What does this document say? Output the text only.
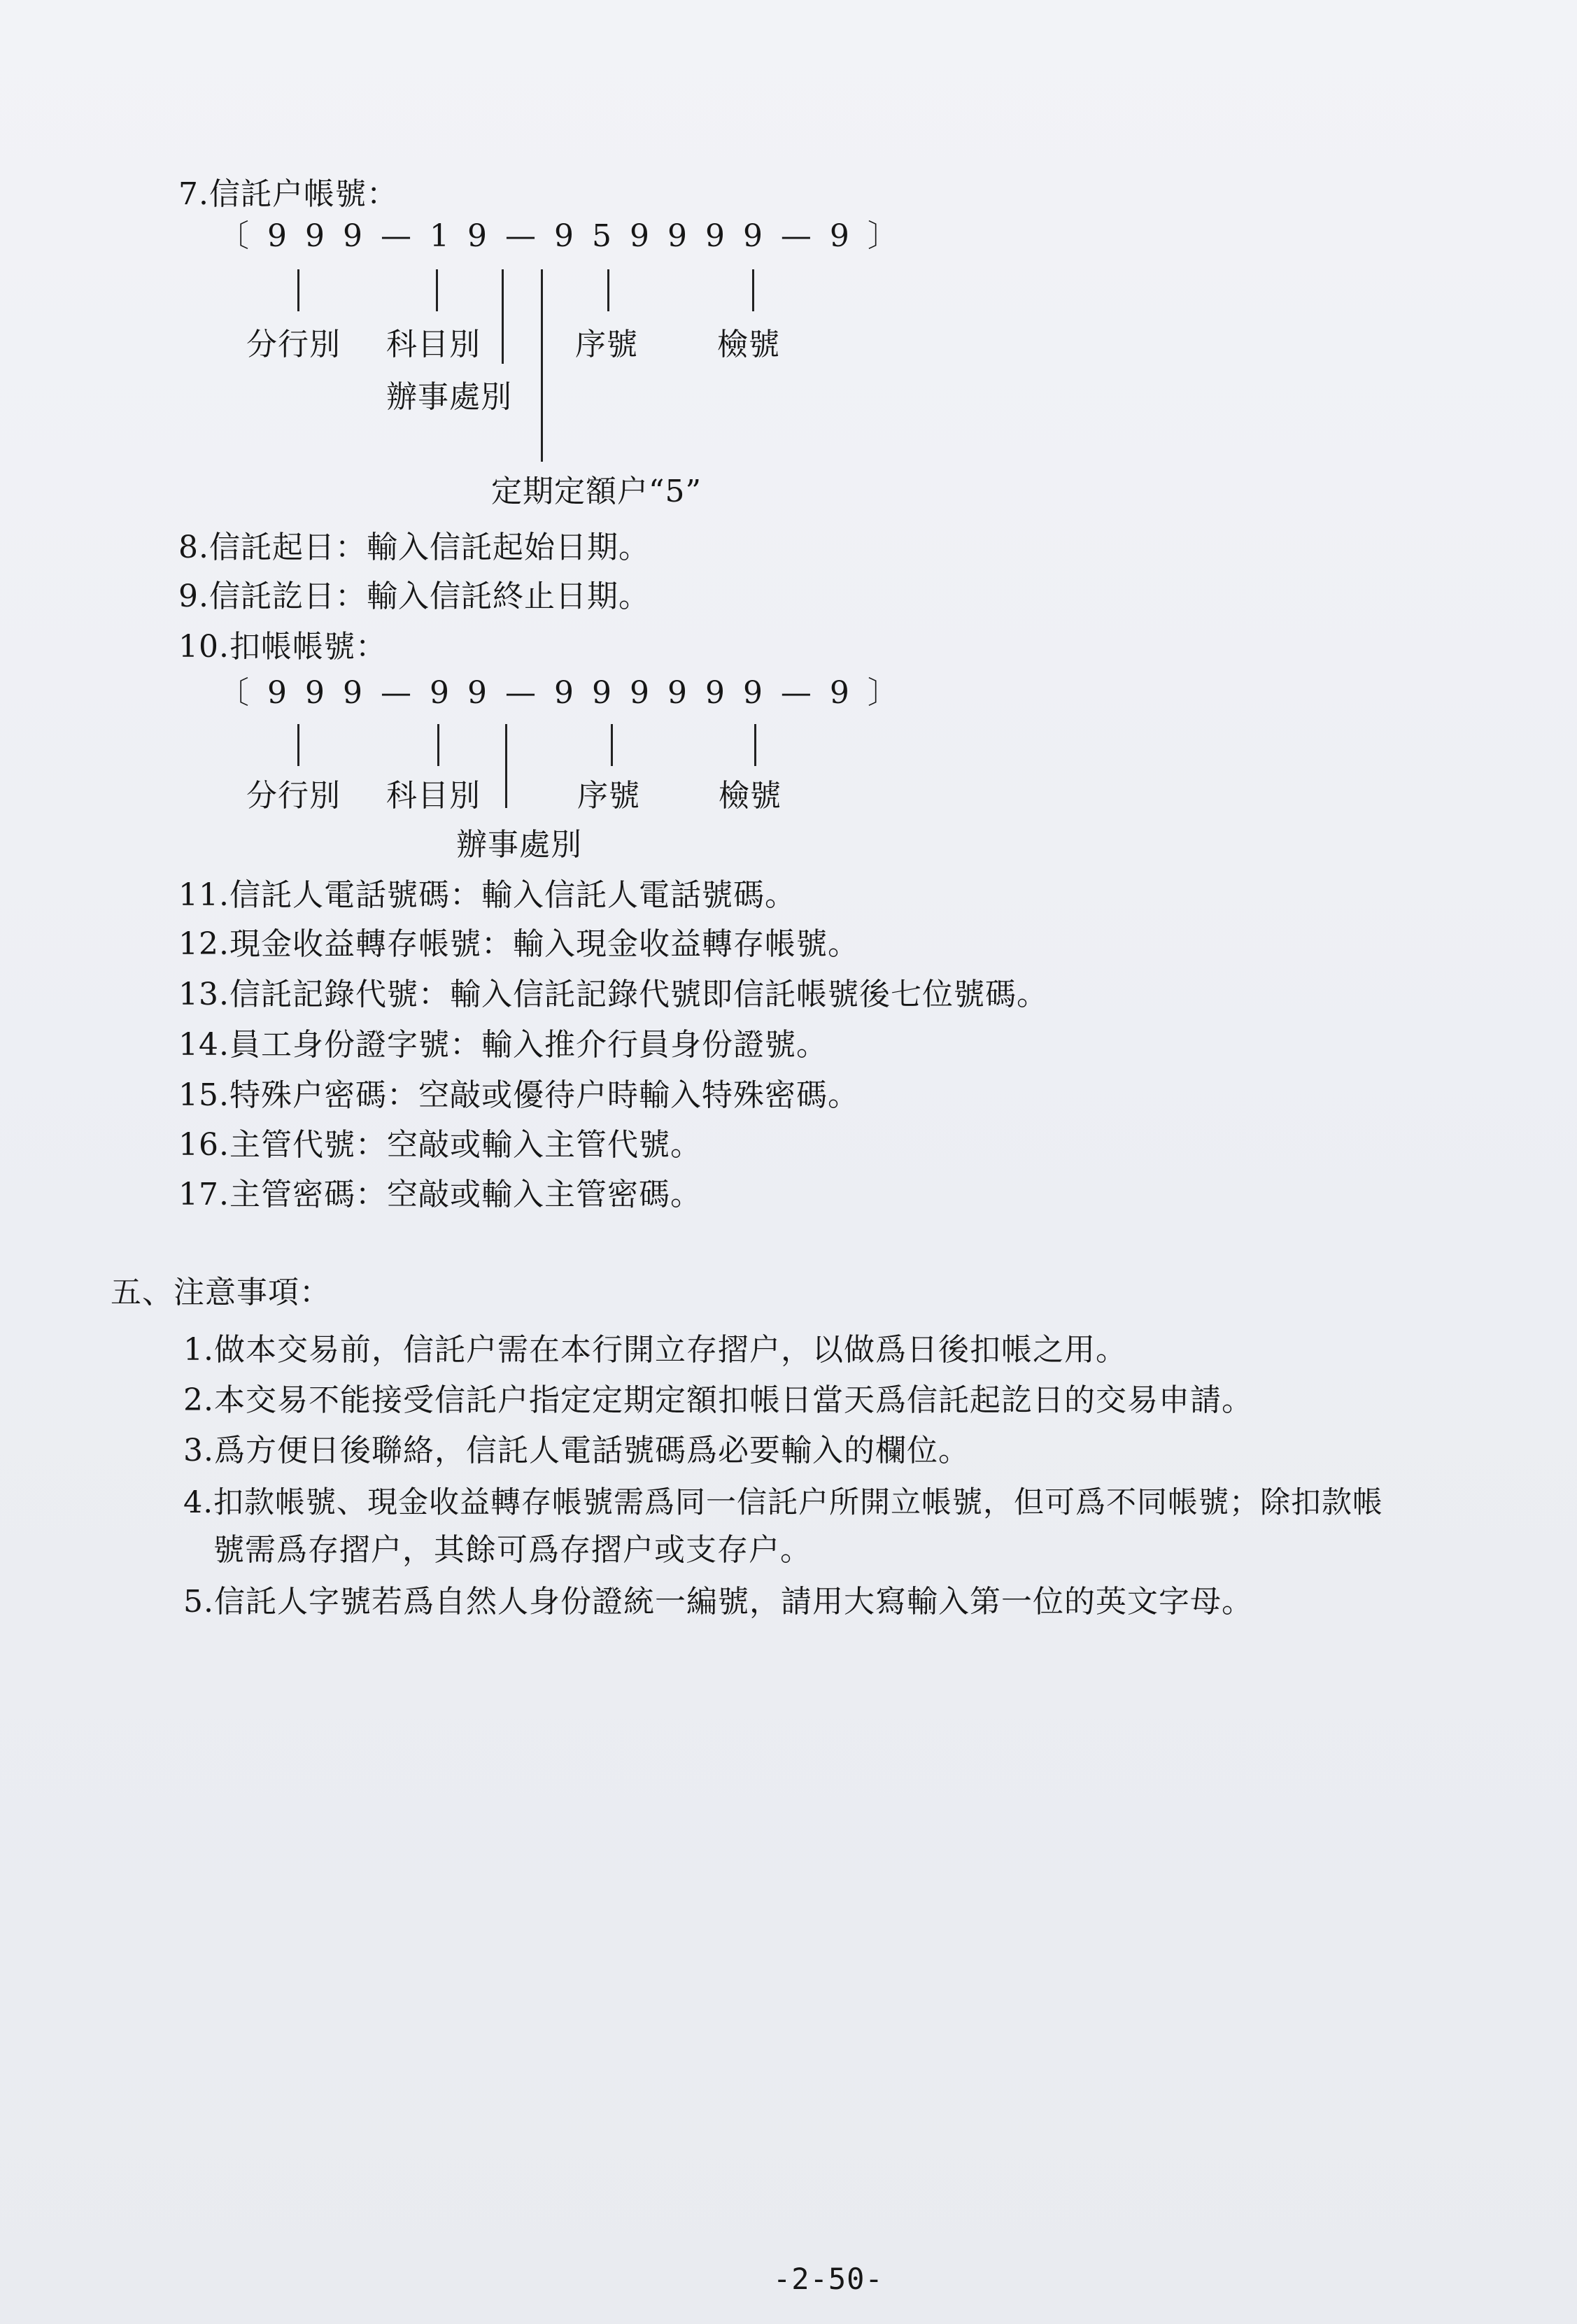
7.信託户帳號：
〔999—19—959999—9〕
分行別 科目別	序號	檢號
辦事處別
定期定額户“5”
8.信託起日：輸入信託起始日期。
9.信託訖日：輸入信託終止日期。
10.扣帳帳號：
〔999—99—999999—9〕
分行別 科目別	序號	檢號
辦事處別
11.信託人電話號碼：輸入信託人電話號碼。
12.現金收益轉存帳號：輸入現金收益轉存帳號。
13.信託記錄代號：輸入信託記錄代號即信託帳號後七位號碼。
14.員工身份證字號：輸入推介行員身份證號。
15.特殊户密碼：空敲或優待户時輸入特殊密碼。
16.主管代號：空敲或輸入主管代號。
17.主管密碼：空敲或輸入主管密碼。
五、注意事項：
1.做本交易前，信託户需在本行開立存摺户，以做爲日後扣帳之用。
2.本交易不能接受信託户指定定期定額扣帳日當天爲信託起訖日的交易申請。
3.爲方便日後聯絡，信託人電話號碼爲必要輸入的欄位。
4.扣款帳號、現金收益轉存帳號需爲同一信託户所開立帳號，但可爲不同帳號；除扣款帳
號需爲存摺户，其餘可爲存摺户或支存户。
5.信託人字號若爲自然人身份證統一編號，請用大寫輸入第一位的英文字母。
-2-50-
